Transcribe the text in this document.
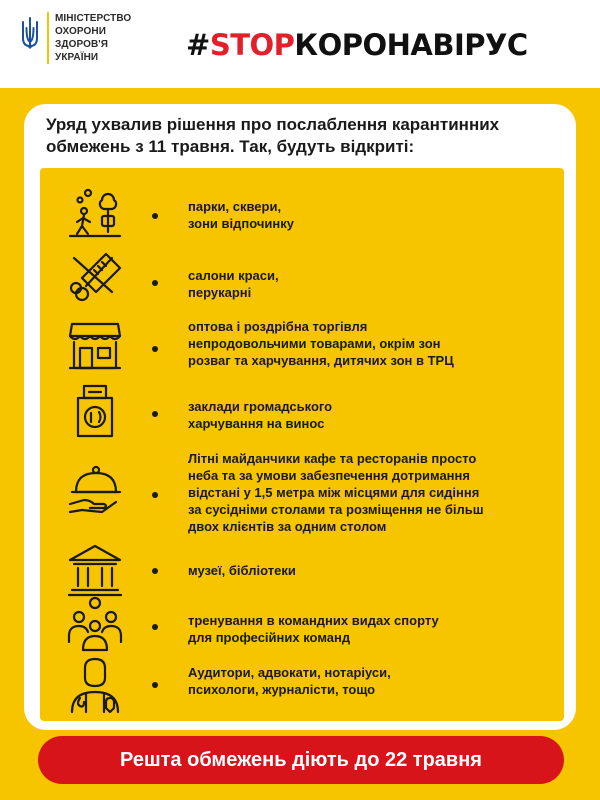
МІНІСТЕРСТВО
ОХОРОНИ
ЗДОРОВ'Я
УКРАЇНИ	#STOPКОРОНАВІРУС
Уряд ухвалив рішення про послаблення карантинних
обмежень з 11 травня. Так, будуть відкриті:
парки, сквери,
зони відпочинку
салони краси,
перукарні
оптова і роздрібна торгівля
непродовольчими товарами, окрім зон
розваг та харчування, дитячих зон в ТРЦ
заклади громадського
харчування на винос
Літні майданчики кафе та ресторанів просто
неба та за умови забезпечення дотримання
відстані у 1,5 метра між місцями для сидіння
за сусідніми столами та розміщення не більш
двох клієнтів за одним столом
музеї, бібліотеки
тренування в командних видах спорту
для професійних команд
Аудитори, адвокати, нотаріуси,
психологи, журналісти, тощо
Решта обмежень діють до 22 травня
